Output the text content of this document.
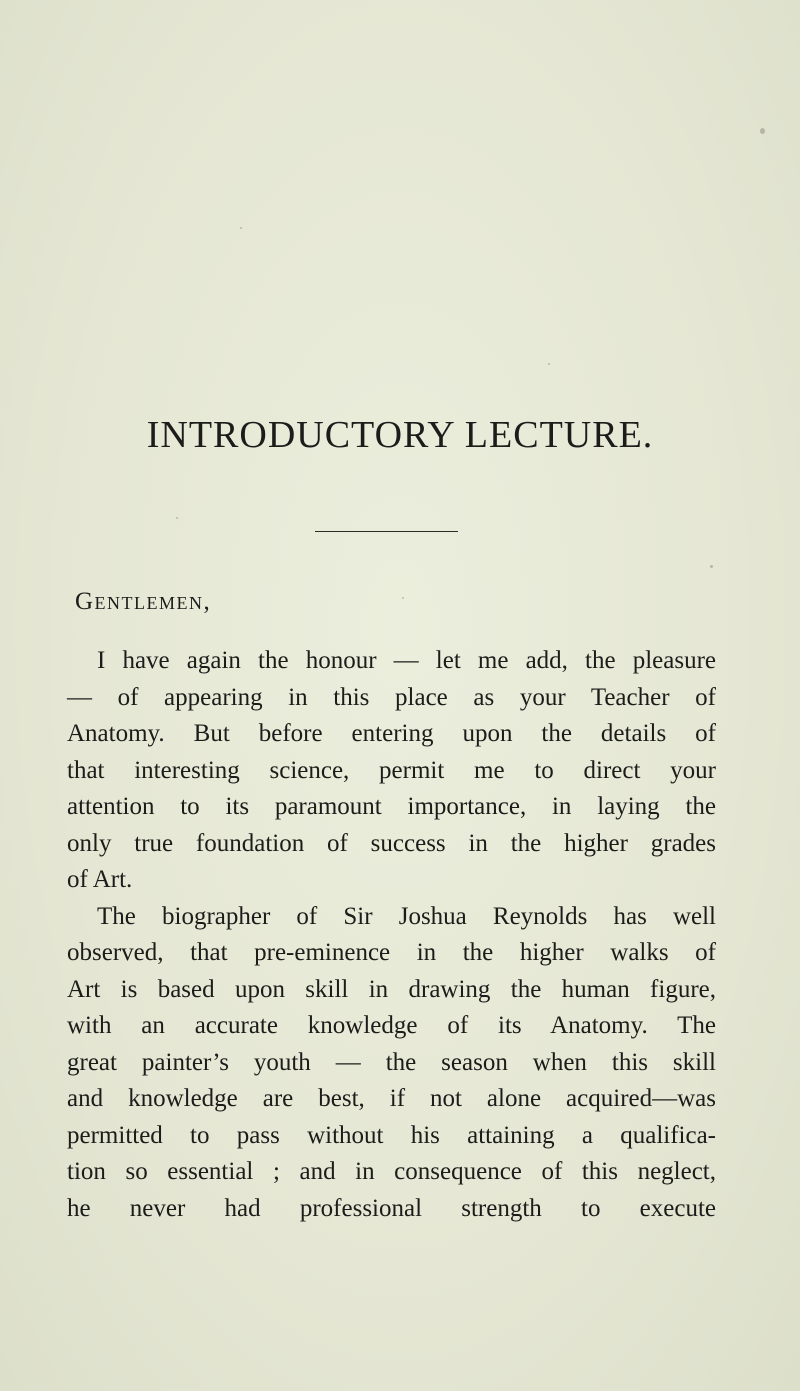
INTRODUCTORY LECTURE.
Gentlemen,
I have again the honour — let me add, the pleasure
— of appearing in this place as your Teacher of
Anatomy. But before entering upon the details of
that interesting science, permit me to direct your
attention to its paramount importance, in laying the
only true foundation of success in the higher grades
of Art.
The biographer of Sir Joshua Reynolds has well
observed, that pre-eminence in the higher walks of
Art is based upon skill in drawing the human figure,
with an accurate knowledge of its Anatomy. The
great painter’s youth — the season when this skill
and knowledge are best, if not alone acquired—was
permitted to pass without his attaining a qualifica-
tion so essential ; and in consequence of this neglect,
he never had professional strength to execute
